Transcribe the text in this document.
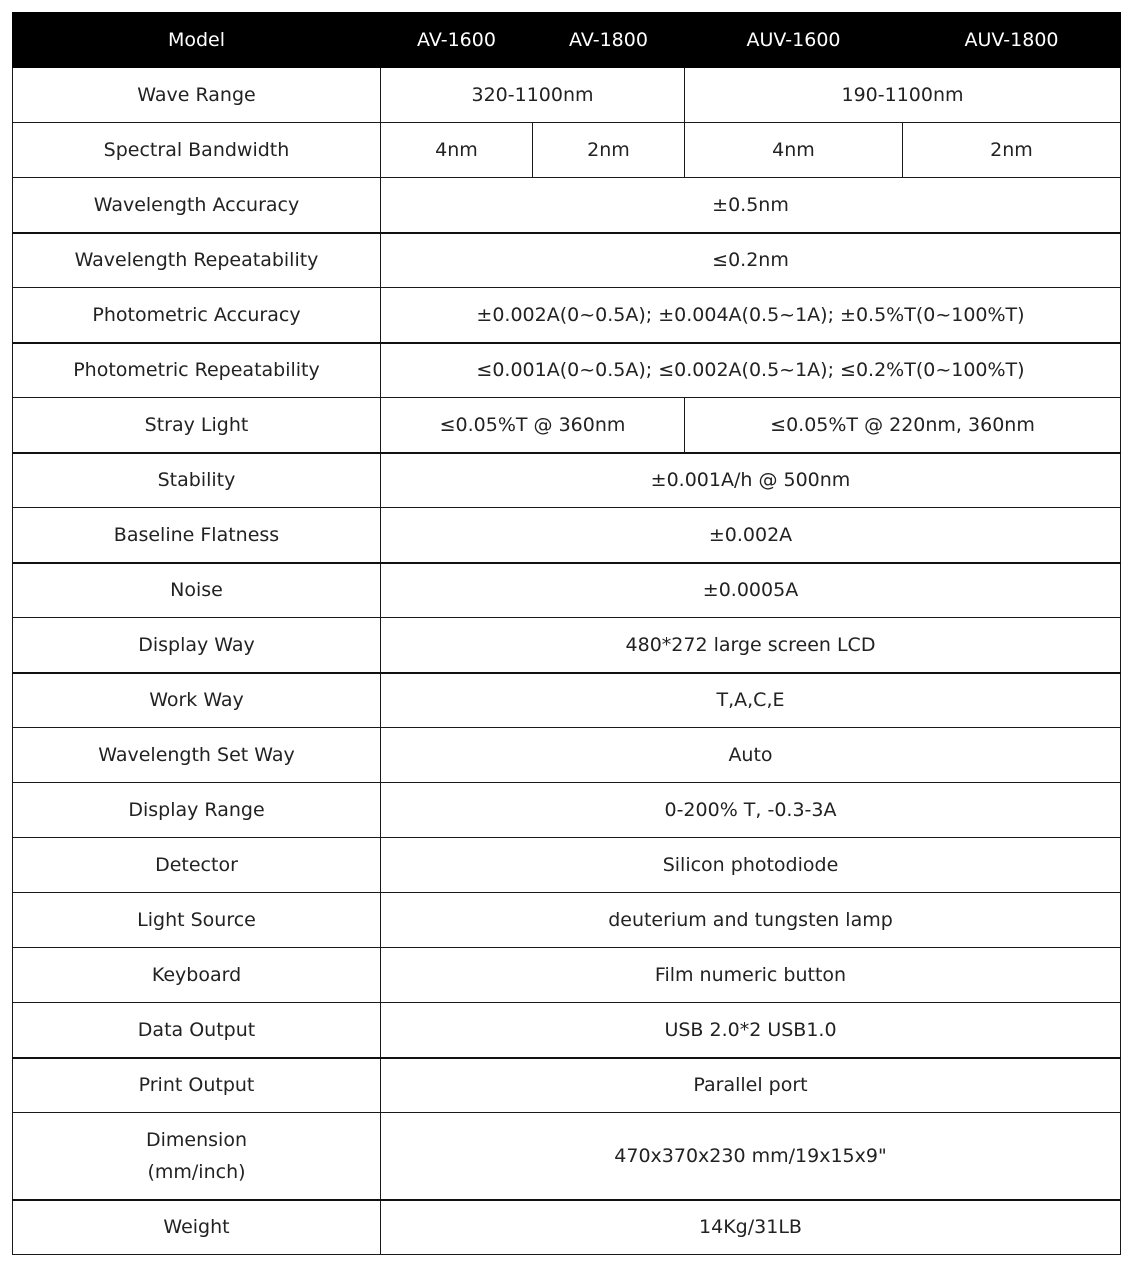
Model	AV-1600	AV-1800	AUV-1600	AUV-1800
Wave Range	320-1100nm		190-1100nm	
Spectral Bandwidth	4nm	2nm	4nm	2nm
Wavelength Accuracy	±0.5nm			
Wavelength Repeatability	≤0.2nm			
Photometric Accuracy	±0.002A(0~0.5A); ±0.004A(0.5~1A); ±0.5%T(0~100%T)			
Photometric Repeatability	≤0.001A(0~0.5A); ≤0.002A(0.5~1A); ≤0.2%T(0~100%T)			
Stray Light	≤0.05%T @ 360nm		≤0.05%T @ 220nm, 360nm	
Stability	±0.001A/h @ 500nm			
Baseline Flatness	±0.002A			
Noise	±0.0005A			
Display Way	480*272 large screen LCD			
Work Way	T,A,C,E			
Wavelength Set Way	Auto			
Display Range	0-200% T, -0.3-3A			
Detector	Silicon photodiode			
Light Source	deuterium and tungsten lamp			
Keyboard	Film numeric button			
Data Output	USB 2.0*2 USB1.0			
Print Output	Parallel port			

Dimension
(mm/inch)	470x370x230 mm/19x15x9"			
Weight	14Kg/31LB			
